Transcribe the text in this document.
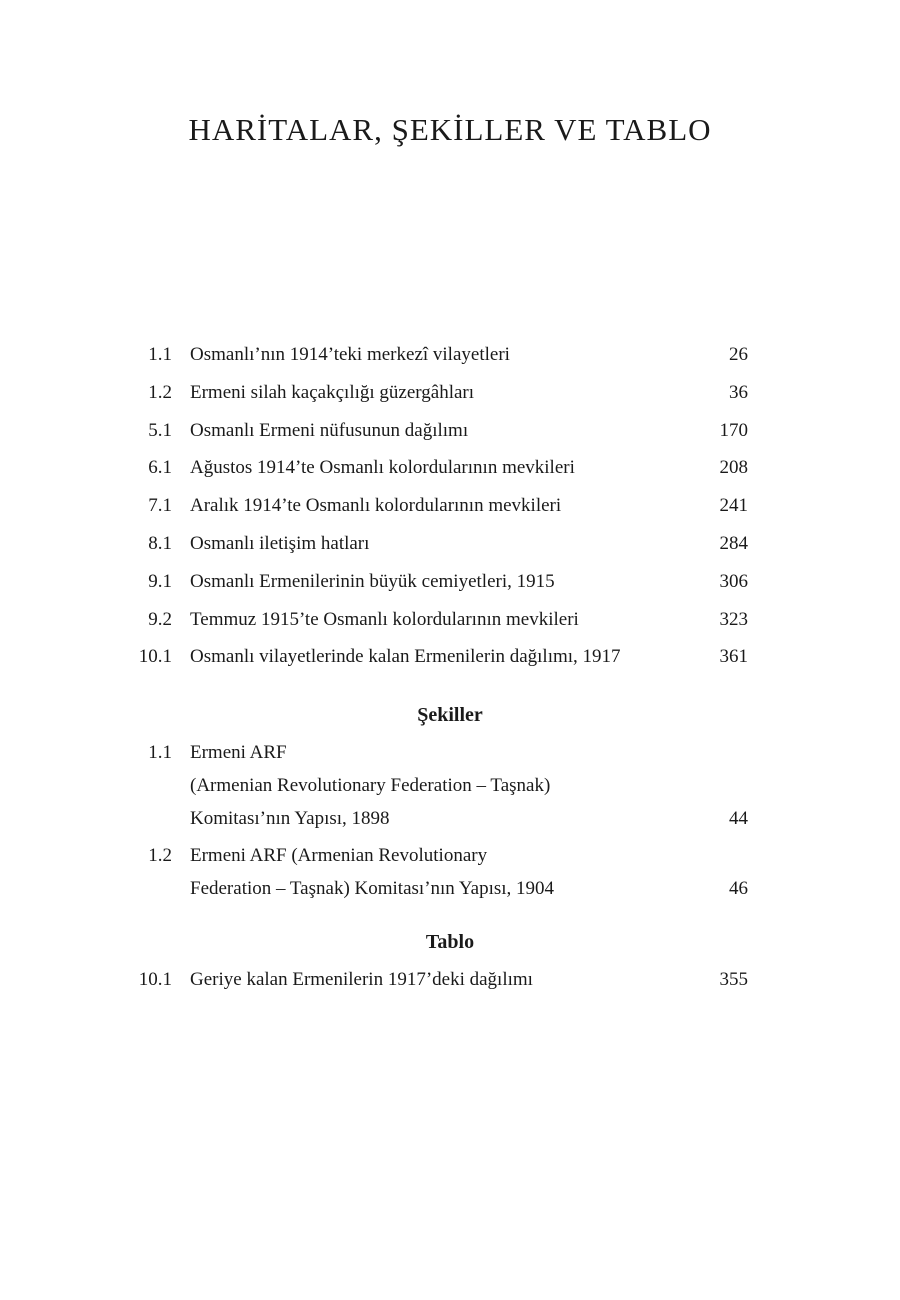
HARİTALAR, ŞEKİLLER VE TABLO
1.1 Osmanlı’nın 1914’teki merkezî vilayetleri	26
1.2 Ermeni silah kaçakçılığı güzergâhları	36
5.1 Osmanlı Ermeni nüfusunun dağılımı	170
6.1 Ağustos 1914’te Osmanlı kolordularının mevkileri	208
7.1 Aralık 1914’te Osmanlı kolordularının mevkileri	241
8.1 Osmanlı iletişim hatları	284
9.1 Osmanlı Ermenilerinin büyük cemiyetleri, 1915	306
9.2 Temmuz 1915’te Osmanlı kolordularının mevkileri	323
10.1 Osmanlı vilayetlerinde kalan Ermenilerin dağılımı, 1917	361
Şekiller
1.1 Ermeni ARF
(Armenian Revolutionary Federation – Taşnak)
Komitası’nın Yapısı, 1898	44
1.2 Ermeni ARF (Armenian Revolutionary
Federation – Taşnak) Komitası’nın Yapısı, 1904	46
Tablo
10.1 Geriye kalan Ermenilerin 1917’deki dağılımı	355
